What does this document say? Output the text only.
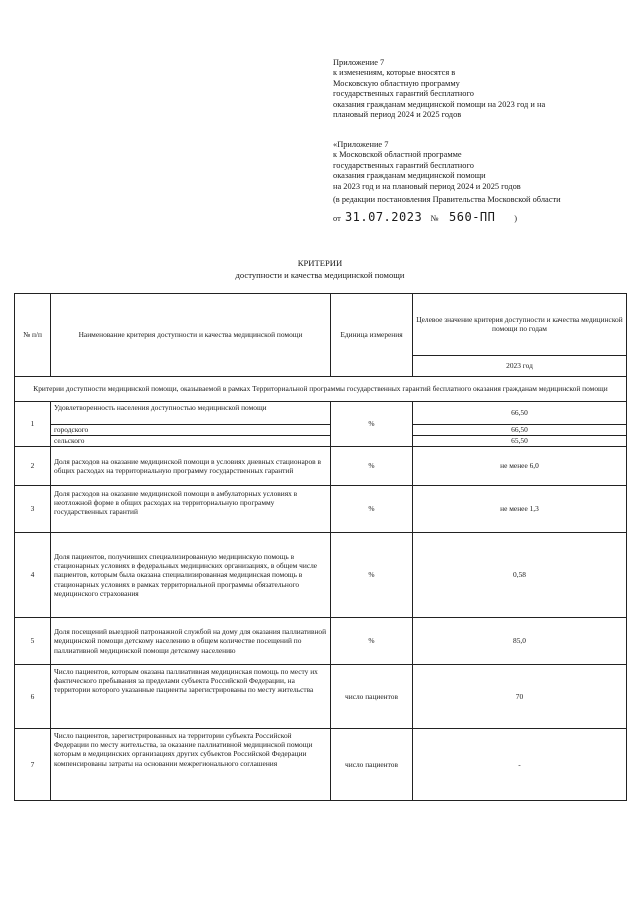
Приложение 7
к изменениям, которые вносятся в
Московскую областную программу
государственных гарантий бесплатного
оказания гражданам медицинской помощи на 2023 год и на
плановый период 2024 и 2025 годов
«Приложение 7
к Московской областной программе
государственных гарантий бесплатного
оказания гражданам медицинской помощи
на 2023 год и на плановый период 2024 и 2025 годов
(в редакции постановления Правительства Московской области
от 31.07.2023 № 560-ПП )
КРИТЕРИИ
доступности и качества медицинской помощи
№ п/п	Наименование критерия доступности и качества медицинской помощи	Единица измерения	Целевое значение критерия доступности и качества медицинской помощи по годам
			2023 год
Критерии доступности медицинской помощи, оказываемой в рамках Территориальной программы государственных гарантий бесплатного оказания гражданам медицинской помощи			
1	Удовлетворенность населения доступностью медицинской помощи	%	66,50
	городского		66,50
	сельского		65,50
2	Доля расходов на оказание медицинской помощи в условиях дневных стационаров в общих расходах на территориальную программу государственных гарантий	%	не менее 6,0
3	Доля расходов на оказание медицинской помощи в амбулаторных условиях в неотложной форме в общих расходах на территориальную программу государственных гарантий	%	не менее 1,3
4	Доля пациентов, получивших специализированную медицинскую помощь в стационарных условиях в федеральных медицинских организациях, в общем числе пациентов, которым была оказана специализированная медицинская помощь в стационарных условиях в рамках территориальной программы обязательного медицинского страхования	%	0,58
5	Доля посещений выездной патронажной службой на дому для оказания паллиативной медицинской помощи детскому населению в общем количестве посещений по паллиативной медицинской помощи детскому населению	%	85,0
6	Число пациентов, которым оказана паллиативная медицинская помощь по месту их фактического пребывания за пределами субъекта Российской Федерации, на территории которого указанные пациенты зарегистрированы по месту жительства	число пациентов	70
7	Число пациентов, зарегистрированных на территории субъекта Российской Федерации по месту жительства, за оказание паллиативной медицинской помощи которым в медицинских организациях других субъектов Российской Федерации компенсированы затраты на основании межрегионального соглашения	число пациентов	-
